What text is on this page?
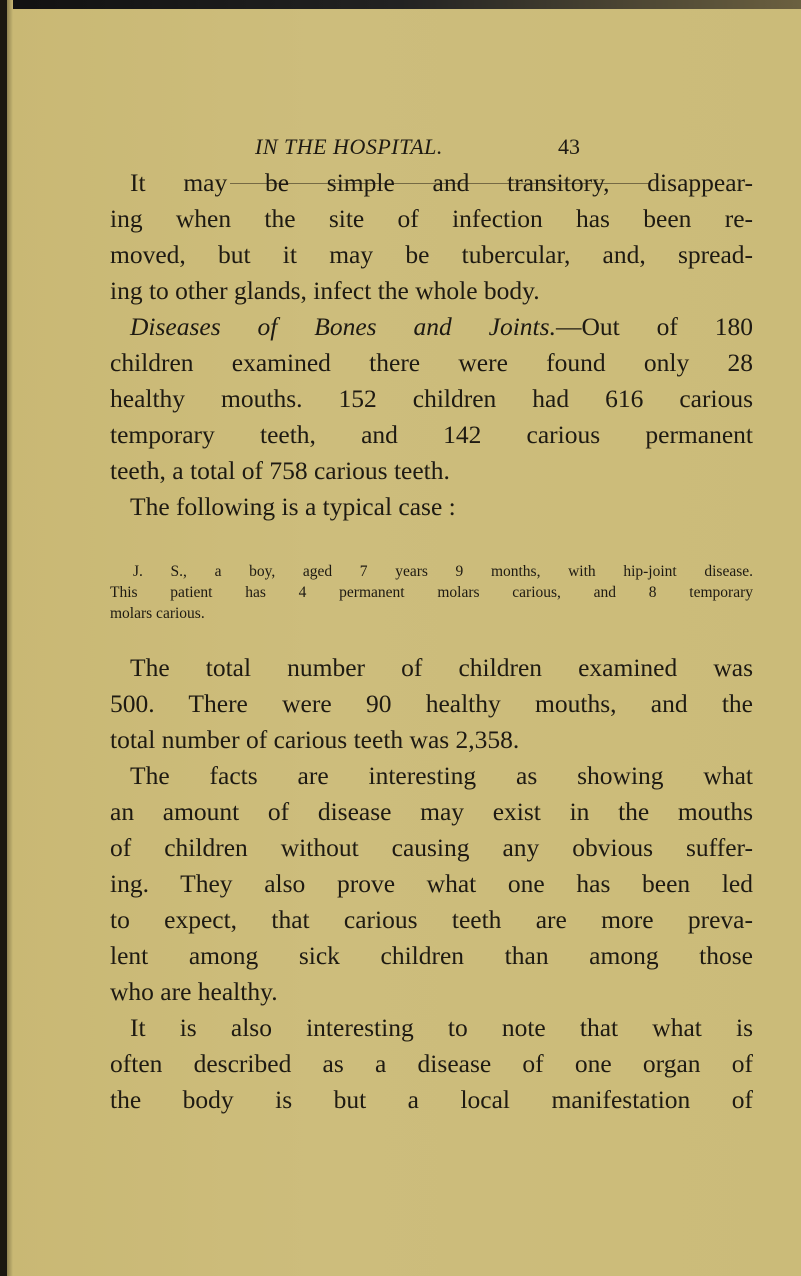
IN THE HOSPITAL.	43
It may be simple and transitory, disappear-
ing when the site of infection has been re-
moved, but it may be tubercular, and, spread-
ing to other glands, infect the whole body.
Diseases of Bones and Joints.—Out of 180
children examined there were found only 28
healthy mouths. 152 children had 616 carious
temporary teeth, and 142 carious permanent
teeth, a total of 758 carious teeth.
The following is a typical case :
J. S., a boy, aged 7 years 9 months, with hip-joint disease.
This patient has 4 permanent molars carious, and 8 temporary
molars carious.
The total number of children examined was
500. There were 90 healthy mouths, and the
total number of carious teeth was 2,358.
The facts are interesting as showing what
an amount of disease may exist in the mouths
of children without causing any obvious suffer-
ing. They also prove what one has been led
to expect, that carious teeth are more preva-
lent among sick children than among those
who are healthy.
It is also interesting to note that what is
often described as a disease of one organ of
the body is but a local manifestation of
